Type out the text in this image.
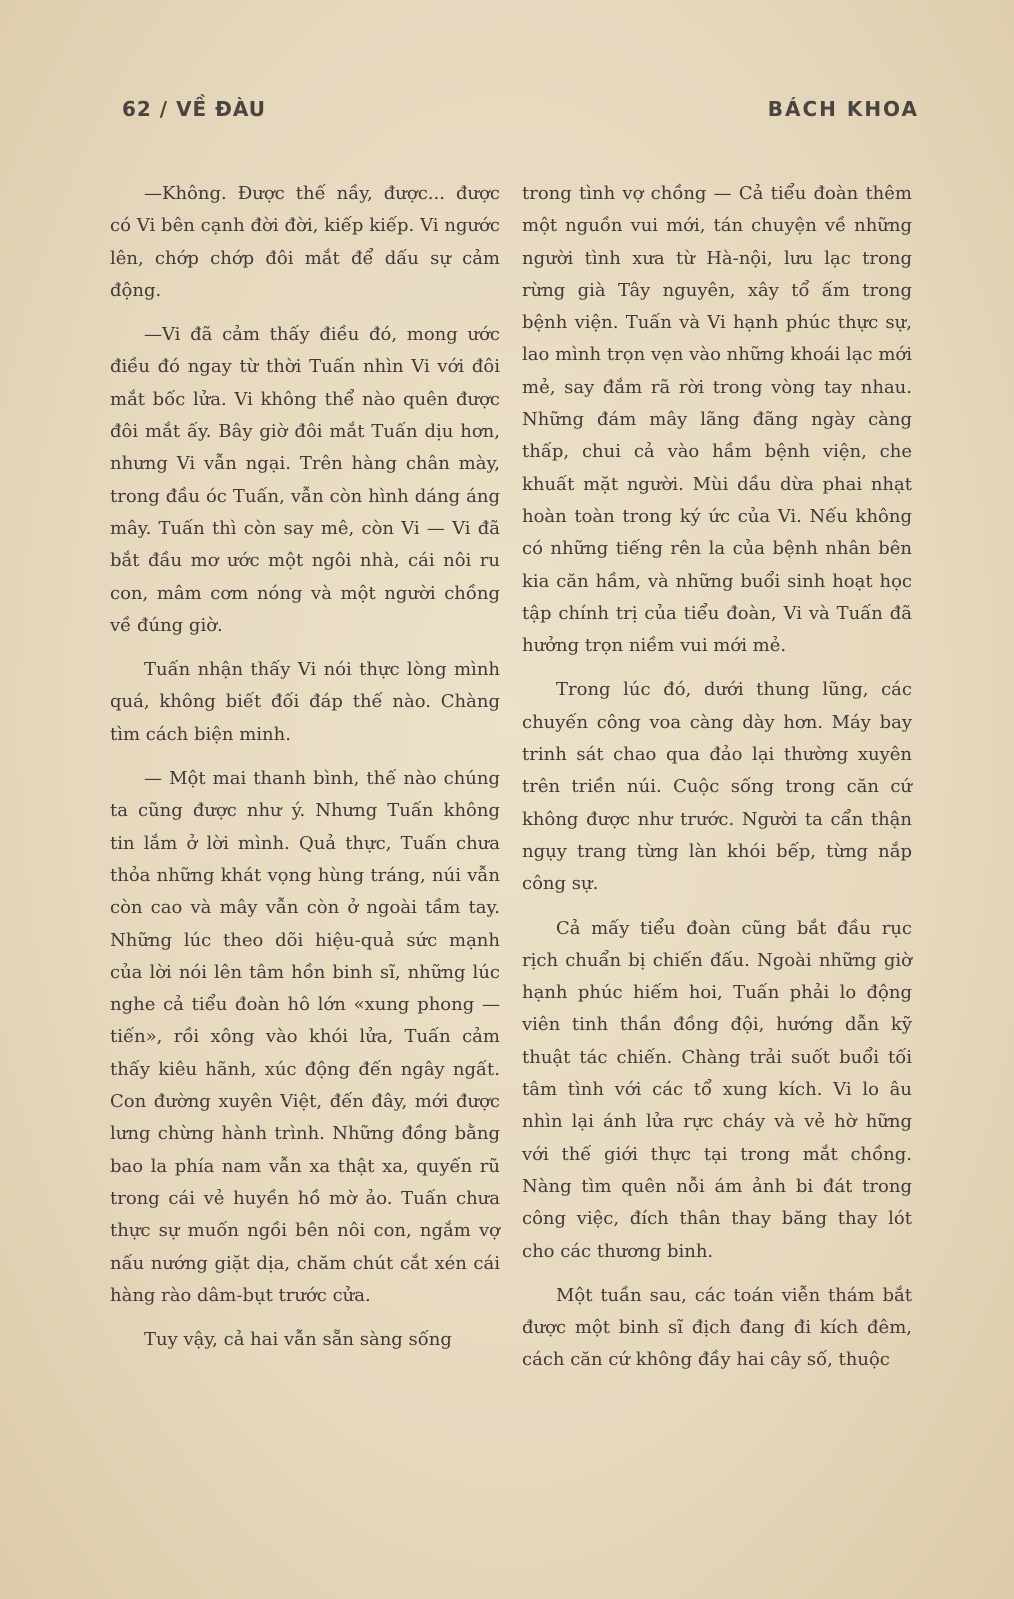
62 / VỀ ĐÀU	BÁCH KHOA

—Không. Được thế nầy, được... được có Vi bên cạnh đời đời, kiếp kiếp. Vi ngước lên, chớp chớp đôi mắt để dấu sự cảm động.

—Vi đã cảm thấy điều đó, mong ước điều đó ngay từ thời Tuấn nhìn Vi với đôi mắt bốc lửa. Vi không thể nào quên được đôi mắt ấy. Bây giờ đôi mắt Tuấn dịu hơn, nhưng Vi vẫn ngại. Trên hàng chân mày, trong đầu óc Tuấn, vẫn còn hình dáng áng mây. Tuấn thì còn say mê, còn Vi — Vi đã bắt đầu mơ ước một ngôi nhà, cái nôi ru con, mâm cơm nóng và một người chồng về đúng giờ.

Tuấn nhận thấy Vi nói thực lòng mình quá, không biết đối đáp thế nào. Chàng tìm cách biện minh.

— Một mai thanh bình, thế nào chúng ta cũng được như ý. Nhưng Tuấn không tin lắm ở lời mình. Quả thực, Tuấn chưa thỏa những khát vọng hùng tráng, núi vẫn còn cao và mây vẫn còn ở ngoài tầm tay. Những lúc theo dõi hiệu-quả sức mạnh của lời nói lên tâm hồn binh sĩ, những lúc nghe cả tiểu đoàn hô lớn «xung phong — tiến», rồi xông vào khói lửa, Tuấn cảm thấy kiêu hãnh, xúc động đến ngây ngất. Con đường xuyên Việt, đến đây, mới được lưng chừng hành trình. Những đồng bằng bao la phía nam vẫn xa thật xa, quyến rũ trong cái vẻ huyền hồ mờ ảo. Tuấn chưa thực sự muốn ngồi bên nôi con, ngắm vợ nấu nướng giặt dịa, chăm chút cắt xén cái hàng rào dâm-bụt trước cửa.

Tuy vậy, cả hai vẫn sẵn sàng sống

trong tình vợ chồng — Cả tiểu đoàn thêm một nguồn vui mới, tán chuyện về những người tình xưa từ Hà-nội, lưu lạc trong rừng già Tây nguyên, xây tổ ấm trong bệnh viện. Tuấn và Vi hạnh phúc thực sự, lao mình trọn vẹn vào những khoái lạc mới mẻ, say đắm rã rời trong vòng tay nhau. Những đám mây lãng đãng ngày càng thấp, chui cả vào hầm bệnh viện, che khuất mặt người. Mùi dầu dừa phai nhạt hoàn toàn trong ký ức của Vi. Nếu không có những tiếng rên la của bệnh nhân bên kia căn hầm, và những buổi sinh hoạt học tập chính trị của tiểu đoàn, Vi và Tuấn đã hưởng trọn niềm vui mới mẻ.

Trong lúc đó, dưới thung lũng, các chuyến công voa càng dày hơn. Máy bay trinh sát chao qua đảo lại thường xuyên trên triền núi. Cuộc sống trong căn cứ không được như trước. Người ta cẩn thận ngụy trang từng làn khói bếp, từng nắp công sự.

Cả mấy tiểu đoàn cũng bắt đầu rục rịch chuẩn bị chiến đấu. Ngoài những giờ hạnh phúc hiếm hoi, Tuấn phải lo động viên tinh thần đồng đội, hướng dẫn kỹ thuật tác chiến. Chàng trải suốt buổi tối tâm tình với các tổ xung kích. Vi lo âu nhìn lại ánh lửa rực cháy và vẻ hờ hững với thế giới thực tại trong mắt chồng. Nàng tìm quên nỗi ám ảnh bi đát trong công việc, đích thân thay băng thay lót cho các thương binh.

Một tuần sau, các toán viễn thám bắt được một binh sĩ địch đang đi kích đêm, cách căn cứ không đầy hai cây số, thuộc
